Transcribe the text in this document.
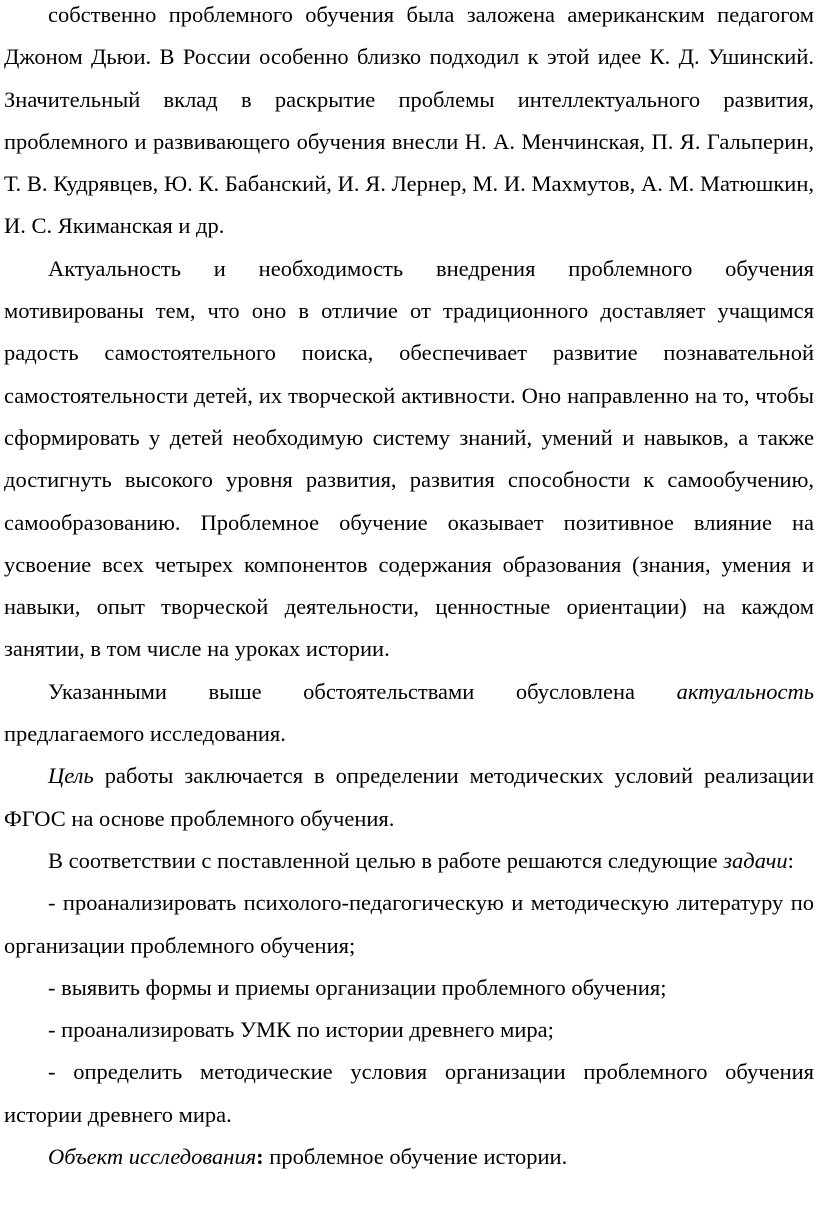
собственно проблемного обучения была заложена американским педагогом Джоном Дьюи. В России особенно близко подходил к этой идее К. Д. Ушинский. Значительный вклад в раскрытие проблемы интеллектуального развития, проблемного и развивающего обучения внесли Н. А. Менчинская, П. Я. Гальперин, Т. В. Кудрявцев, Ю. К. Бабанский, И. Я. Лернер, М. И. Махмутов, А. М. Матюшкин, И. С. Якиманская и др.

Актуальность и необходимость внедрения проблемного обучения мотивированы тем, что оно в отличие от традиционного доставляет учащимся радость самостоятельного поиска, обеспечивает развитие познавательной самостоятельности детей, их творческой активности. Оно направленно на то, чтобы сформировать у детей необходимую систему знаний, умений и навыков, а также достигнуть высокого уровня развития, развития способности к самообучению, самообразованию. Проблемное обучение оказывает позитивное влияние на усвоение всех четырех компонентов содержания образования (знания, умения и навыки, опыт творческой деятельности, ценностные ориентации) на каждом занятии, в том числе на уроках истории.

Указанными выше обстоятельствами обусловлена актуальность предлагаемого исследования.

Цель работы заключается в определении методических условий реализации ФГОС на основе проблемного обучения.

В соответствии с поставленной целью в работе решаются следующие задачи:

- проанализировать психолого-педагогическую и методическую литературу по организации проблемного обучения;

- выявить формы и приемы организации проблемного обучения;

- проанализировать УМК по истории древнего мира;

- определить методические условия организации проблемного обучения истории древнего мира.

Объект исследования: проблемное обучение истории.
